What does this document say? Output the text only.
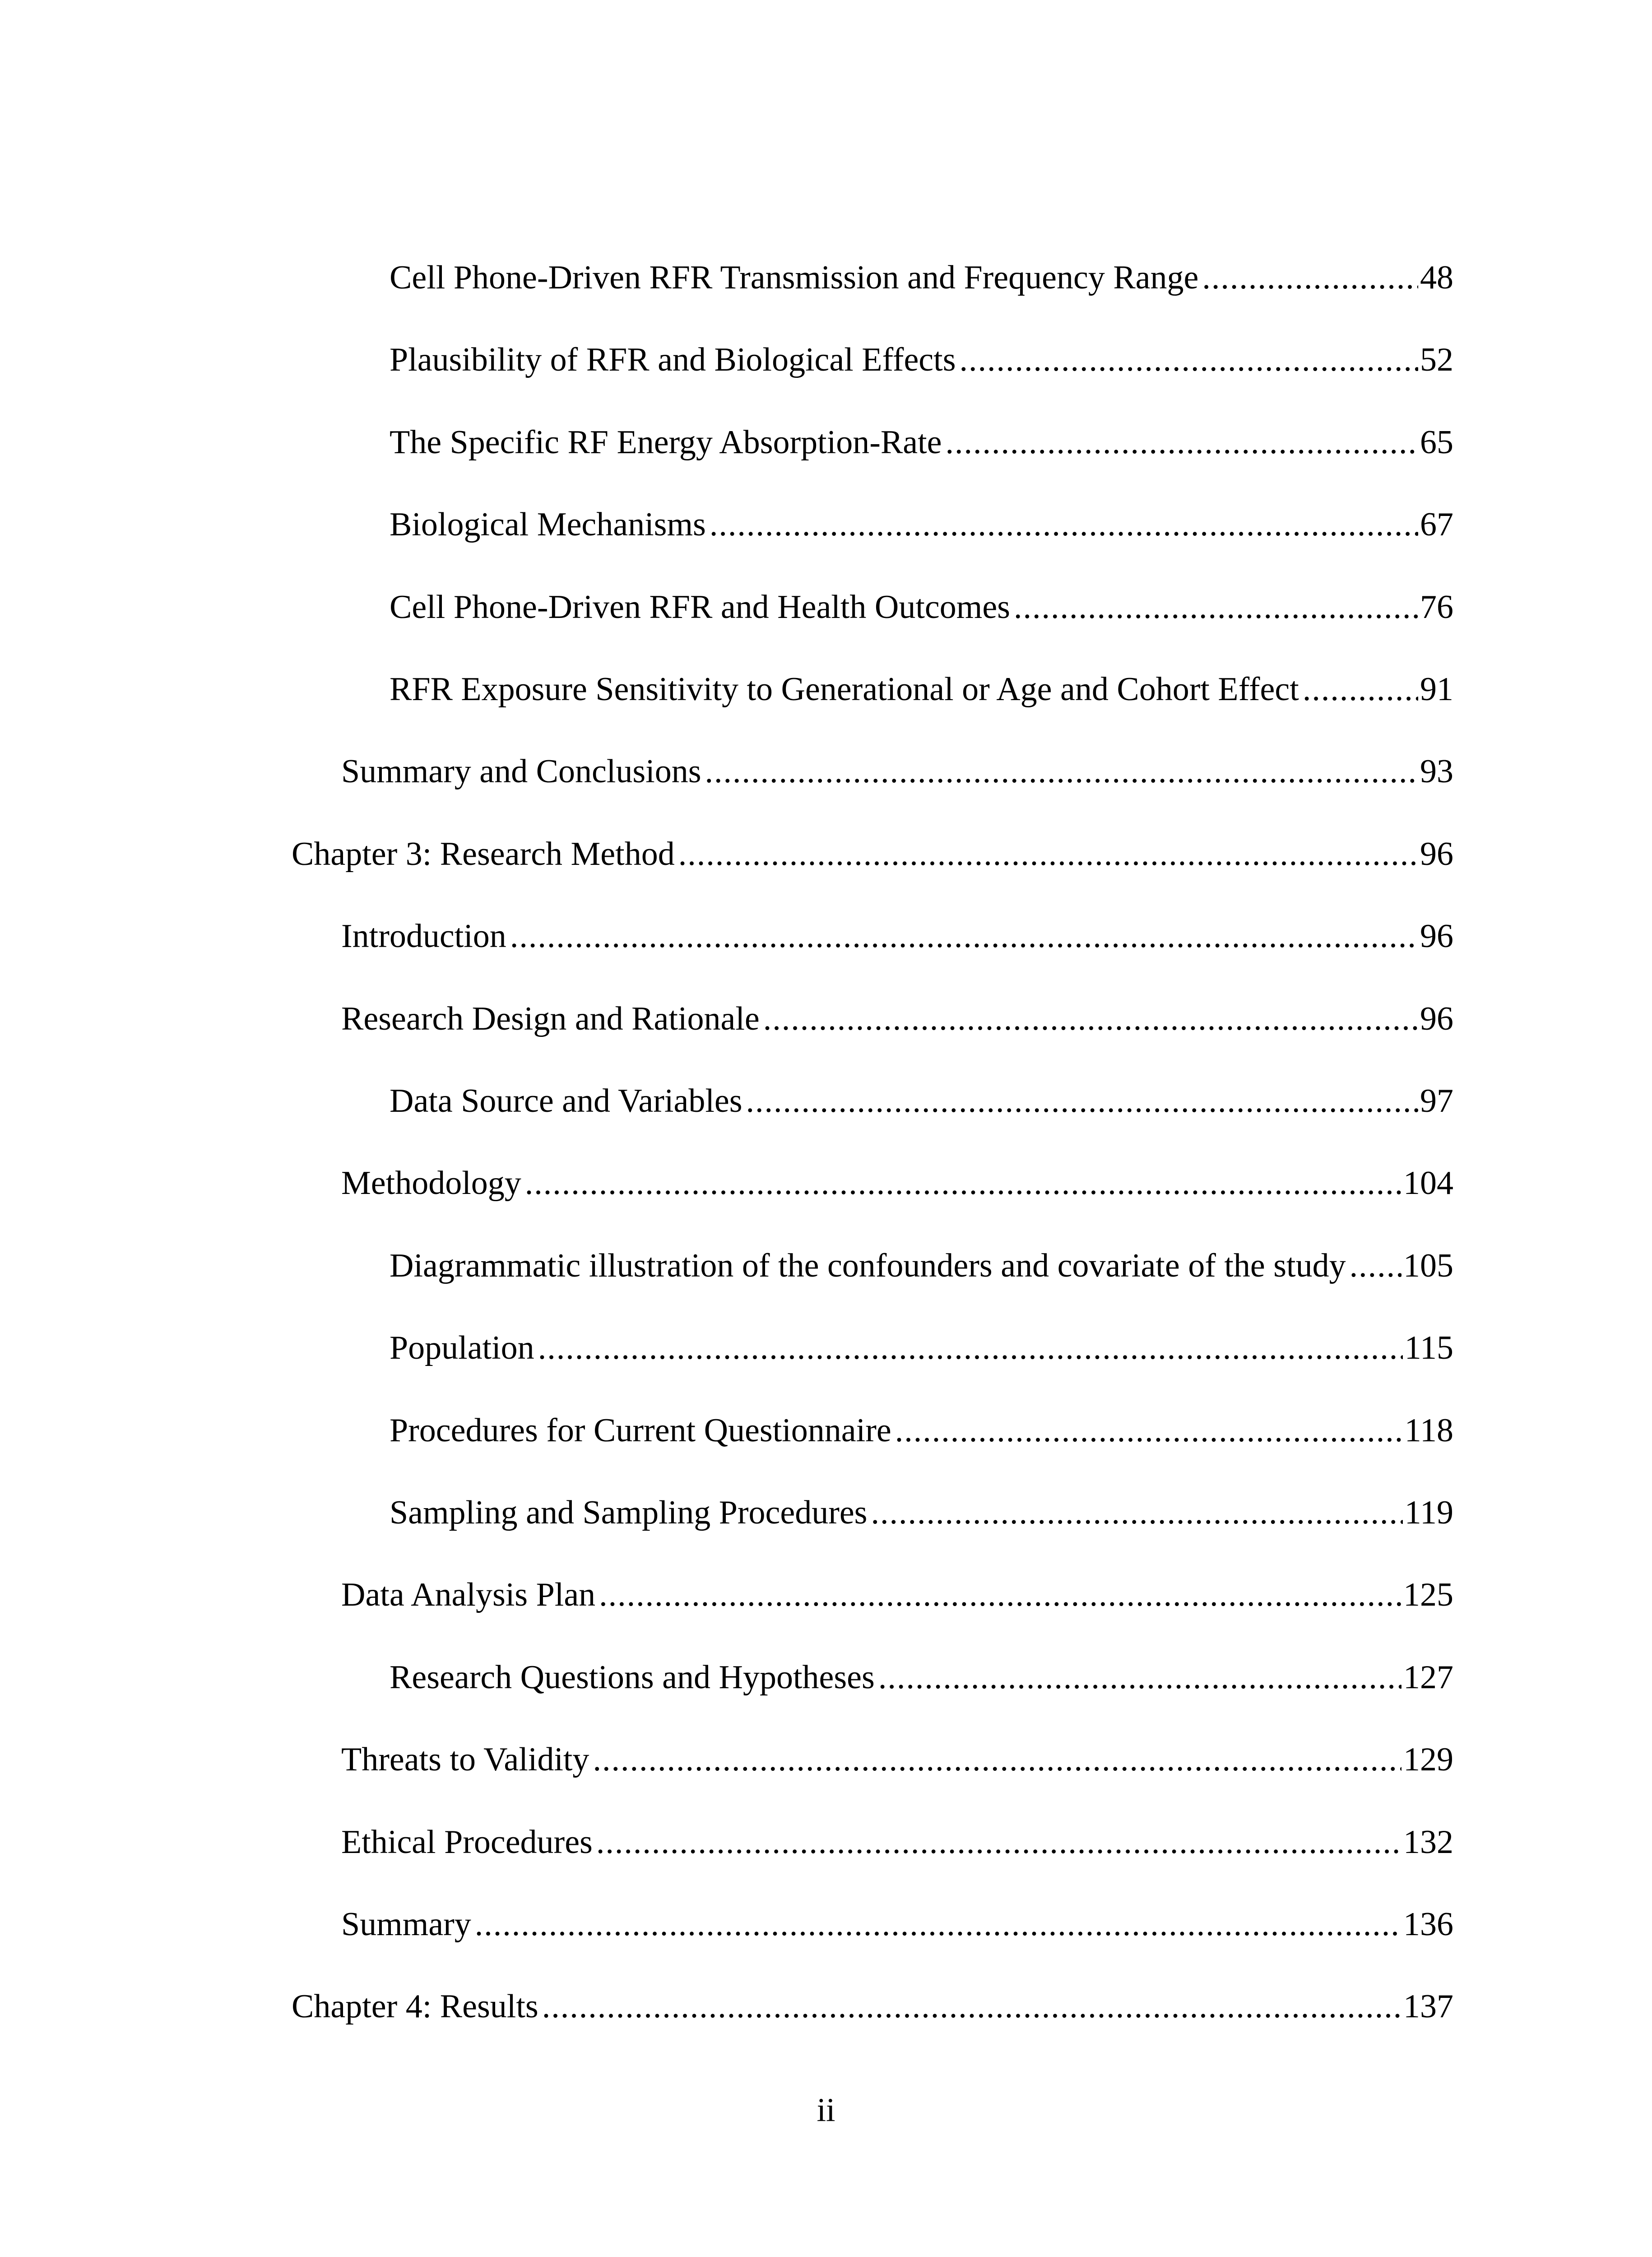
Cell Phone-Driven RFR Transmission and Frequency Range .....	48
Plausibility of RFR and Biological Effects .....	52
The Specific RF Energy Absorption-Rate .....	65
Biological Mechanisms .....	67
Cell Phone-Driven RFR and Health Outcomes .....	76
RFR Exposure Sensitivity to Generational or Age and Cohort Effect .....	91
Summary and Conclusions .....	93
Chapter 3: Research Method .....	96
Introduction .....	96
Research Design and Rationale .....	96
Data Source and Variables .....	97
Methodology .....	104
Diagrammatic illustration of the confounders and covariate of the study ..... 105
Population .....	115
Procedures for Current Questionnaire .....	118
Sampling and Sampling Procedures .....	119
Data Analysis Plan .....	125
Research Questions and Hypotheses .....	127
Threats to Validity .....	129
Ethical Procedures .....	132
Summary .....	136
Chapter 4: Results .....	137
ii
